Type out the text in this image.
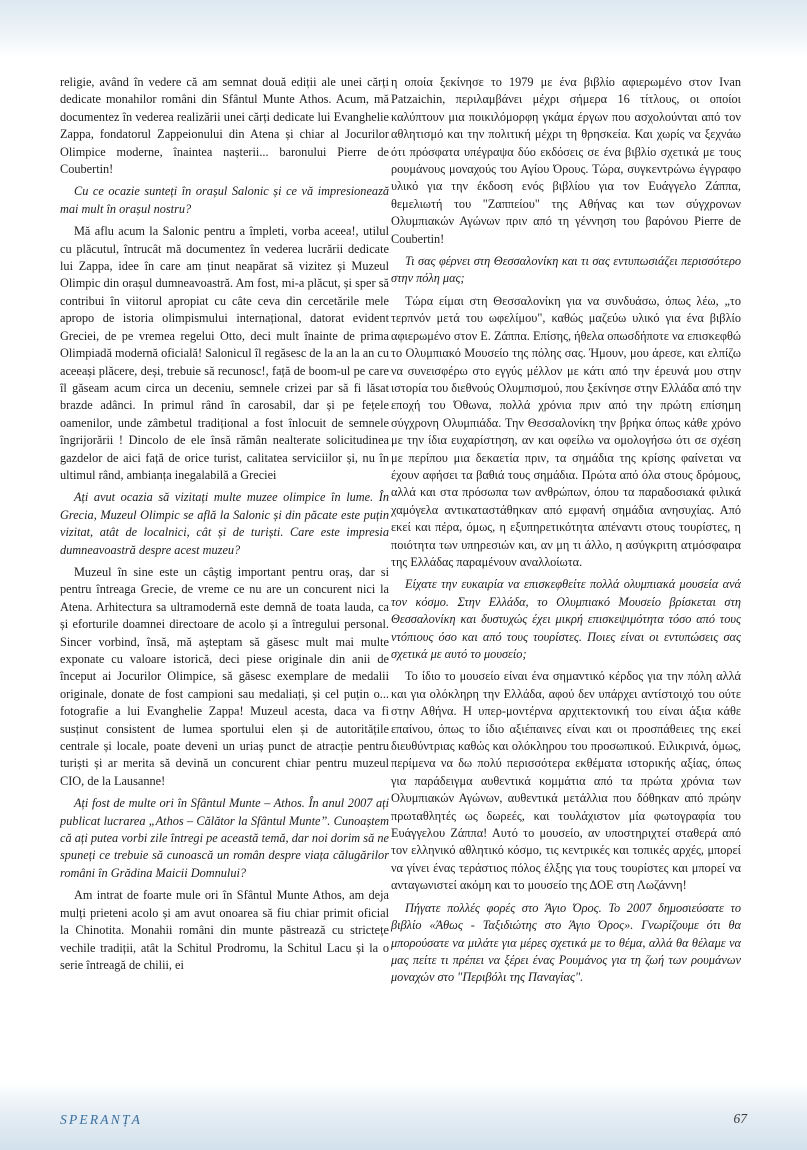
religie, având în vedere că am semnat două ediții ale unei cărți dedicate monahilor români din Sfântul Munte Athos. Acum, mă documentez în vederea realizării unei cărți dedicate lui Evanghelie Zappa, fondatorul Zappeionului din Atena și chiar al Jocurilor Olimpice moderne, înaintea nașterii... baronului Pierre de Coubertin!

Cu ce ocazie sunteți în orașul Salonic și ce vă impresionează mai mult în orașul nostru?

Mă aflu acum la Salonic pentru a împleti, vorba aceea!, utilul cu plăcutul, întrucât mă documentez în vederea lucrării dedicate lui Zappa, idee în care am ținut neapărat să vizitez și Muzeul Olimpic din orașul dumneavoastră. Am fost, mi-a plăcut, și sper să contribui în viitorul apropiat cu câte ceva din cercetările mele apropo de istoria olimpismului internațional, datorat evident Greciei, de pe vremea regelui Otto, deci mult înainte de prima Olimpiadă modernă oficială! Salonicul îl regăsesc de la an la an cu aceeași plăcere, deși, trebuie să recunosc!, față de boom-ul pe care îl găseam acum circa un deceniu, semnele crizei par să fi lăsat brazde adânci. In primul rând în carosabil, dar și pe fețele oamenilor, unde zâmbetul tradițional a fost înlocuit de semnele îngrijorării ! Dincolo de ele însă rămân nealterate solicitudinea gazdelor de aici față de orice turist, calitatea serviciilor și, nu în ultimul rând, ambianța inegalabilă a Greciei

Ați avut ocazia să vizitați multe muzee olimpice în lume. În Grecia, Muzeul Olimpic se află la Salonic și din păcate este puțin vizitat, atât de localnici, cât și de turiști. Care este impresia dumneavoastră despre acest muzeu?

Muzeul în sine este un câștig important pentru oraș, dar si pentru întreaga Grecie, de vreme ce nu are un concurent nici la Atena. Arhitectura sa ultramodernă este demnă de toata lauda, ca și eforturile doamnei directoare de acolo și a întregului personal. Sincer vorbind, însă, mă așteptam să găsesc mult mai multe exponate cu valoare istorică, deci piese originale din anii de început ai Jocurilor Olimpice, să găsesc exemplare de medalii originale, donate de fost campioni sau medaliați, și cel puțin o... fotografie a lui Evanghelie Zappa! Muzeul acesta, daca va fi susținut consistent de lumea sportului elen și de autoritățile centrale și locale, poate deveni un uriaș punct de atracție pentru turiști și ar merita să devină un concurent chiar pentru muzeul CIO, de la Lausanne!

Ați fost de multe ori în Sfântul Munte – Athos. În anul 2007 ați publicat lucrarea „Athos – Călător la Sfântul Munte”. Cunoaștem că ați putea vorbi zile întregi pe această temă, dar noi dorim să ne spuneți ce trebuie să cunoască un român despre viața călugărilor români în Grădina Maicii Domnului?

Am intrat de foarte mule ori în Sfântul Munte Athos, am deja mulți prieteni acolo și am avut onoarea să fiu chiar primit oficial la Chinotita. Monahii români din munte păstrează cu strictețe vechile tradiții, atât la Schitul Prodromu, la Schitul Lacu și la o serie întreagă de chilii, ei

η οποία ξεκίνησε το 1979 με ένα βιβλίο αφιερωμένο στον Ivan Patzaichin, περιλαμβάνει μέχρι σήμερα 16 τίτλους, οι οποίοι καλύπτουν μια ποικιλόμορφη γκάμα έργων που ασχολούνται από τον αθλητισμό και την πολιτική μέχρι τη θρησκεία. Και χωρίς να ξεχνάω ότι πρόσφατα υπέγραψα δύο εκδόσεις σε ένα βιβλίο σχετικά με τους ρουμάνους μοναχούς του Αγίου Όρους. Τώρα, συγκεντρώνω έγγραφο υλικό για την έκδοση ενός βιβλίου για τον Ευάγγελο Ζάππα, θεμελιωτή του "Ζαππείου" της Αθήνας και των σύγχρονων Ολυμπιακών Αγώνων πριν από τη γέννηση του βαρόνου Pierre de Coubertin!

Τι σας φέρνει στη Θεσσαλονίκη και τι σας εντυπωσιάζει περισσότερο στην πόλη μας;

Τώρα είμαι στη Θεσσαλονίκη για να συνδυάσω, όπως λέω, „το τερπνόν μετά του ωφελίμου", καθώς μαζεύω υλικό για ένα βιβλίο αφιερωμένο στον Ε. Ζάππα. Επίσης, ήθελα οπωσδήποτε να επισκεφθώ το Ολυμπιακό Μουσείο της πόλης σας. Ήμουν, μου άρεσε, και ελπίζω να συνεισφέρω στο εγγύς μέλλον με κάτι από την έρευνά μου στην ιστορία του διεθνούς Ολυμπισμού, που ξεκίνησε στην Ελλάδα από την εποχή του Όθωνα, πολλά χρόνια πριν από την πρώτη επίσημη σύγχρονη Ολυμπιάδα. Την Θεσσαλονίκη την βρήκα όπως κάθε χρόνο με την ίδια ευχαρίστηση, αν και οφείλω να ομολογήσω ότι σε σχέση με περίπου μια δεκαετία πριν, τα σημάδια της κρίσης φαίνεται να έχουν αφήσει τα βαθιά τους σημάδια. Πρώτα από όλα στους δρόμους, αλλά και στα πρόσωπα των ανθρώπων, όπου τα παραδοσιακά φιλικά χαμόγελα αντικαταστάθηκαν από εμφανή σημάδια ανησυχίας. Από εκεί και πέρα, όμως, η εξυπηρετικότητα απέναντι στους τουρίστες, η ποιότητα των υπηρεσιών και, αν μη τι άλλο, η ασύγκριτη ατμόσφαιρα της Ελλάδας παραμένουν αναλλοίωτα.

Είχατε την ευκαιρία να επισκεφθείτε πολλά ολυμπιακά μουσεία ανά τον κόσμο. Στην Ελλάδα, το Ολυμπιακό Μουσείο βρίσκεται στη Θεσσαλονίκη και δυστυχώς έχει μικρή επισκεψιμότητα τόσο από τους ντόπιους όσο και από τους τουρίστες. Ποιες είναι οι εντυπώσεις σας σχετικά με αυτό το μουσείο;

Το ίδιο το μουσείο είναι ένα σημαντικό κέρδος για την πόλη αλλά και για ολόκληρη την Ελλάδα, αφού δεν υπάρχει αντίστοιχό του ούτε στην Αθήνα. Η υπερ-μοντέρνα αρχιτεκτονική του είναι άξια κάθε επαίνου, όπως το ίδιο αξιέπαινες είναι και οι προσπάθειες της εκεί διευθύντριας καθώς και ολόκληρου του προσωπικού. Ειλικρινά, όμως, περίμενα να δω πολύ περισσότερα εκθέματα ιστορικής αξίας, όπως για παράδειγμα αυθεντικά κομμάτια από τα πρώτα χρόνια των Ολυμπιακών Αγώνων, αυθεντικά μετάλλια που δόθηκαν από πρώην πρωταθλητές ως δωρεές, και τουλάχιστον μία φωτογραφία του Ευάγγελου Ζάππα! Αυτό το μουσείο, αν υποστηριχτεί σταθερά από τον ελληνικό αθλητικό κόσμο, τις κεντρικές και τοπικές αρχές, μπορεί να γίνει ένας τεράστιος πόλος έλξης για τους τουρίστες και μπορεί να ανταγωνιστεί ακόμη και το μουσείο της ΔΟΕ στη Λωζάννη!

Πήγατε πολλές φορές στο Άγιο Όρος. Το 2007 δημοσιεύσατε το βιβλίο «Άθως - Ταξιδιώτης στο Άγιο Όρος». Γνωρίζουμε ότι θα μπορούσατε να μιλάτε για μέρες σχετικά με το θέμα, αλλά θα θέλαμε να μας πείτε τι πρέπει να ξέρει ένας Ρουμάνος για τη ζωή των ρουμάνων μοναχών στο "Περιβόλι της Παναγίας".

SPERANȚA	67
